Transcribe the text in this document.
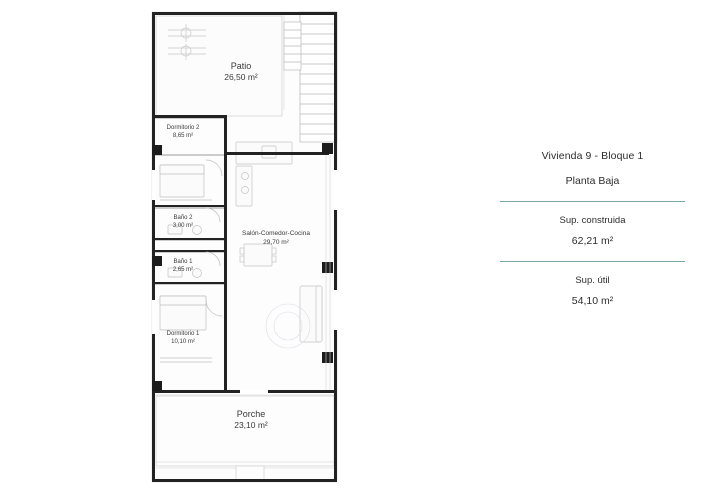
Patio
26,50 m²
Dormitorio 2
8,65 m²
Baño 2
3,00 m²
Baño 1
2,65 m²
Dormitorio 1
10,10 m²
Salón-Comedor-Cocina
29,70 m²
Porche
23,10 m²
Vivienda 9 - Bloque 1
Planta Baja
Sup. construida
62,21 m²
Sup. útil
54,10 m²
